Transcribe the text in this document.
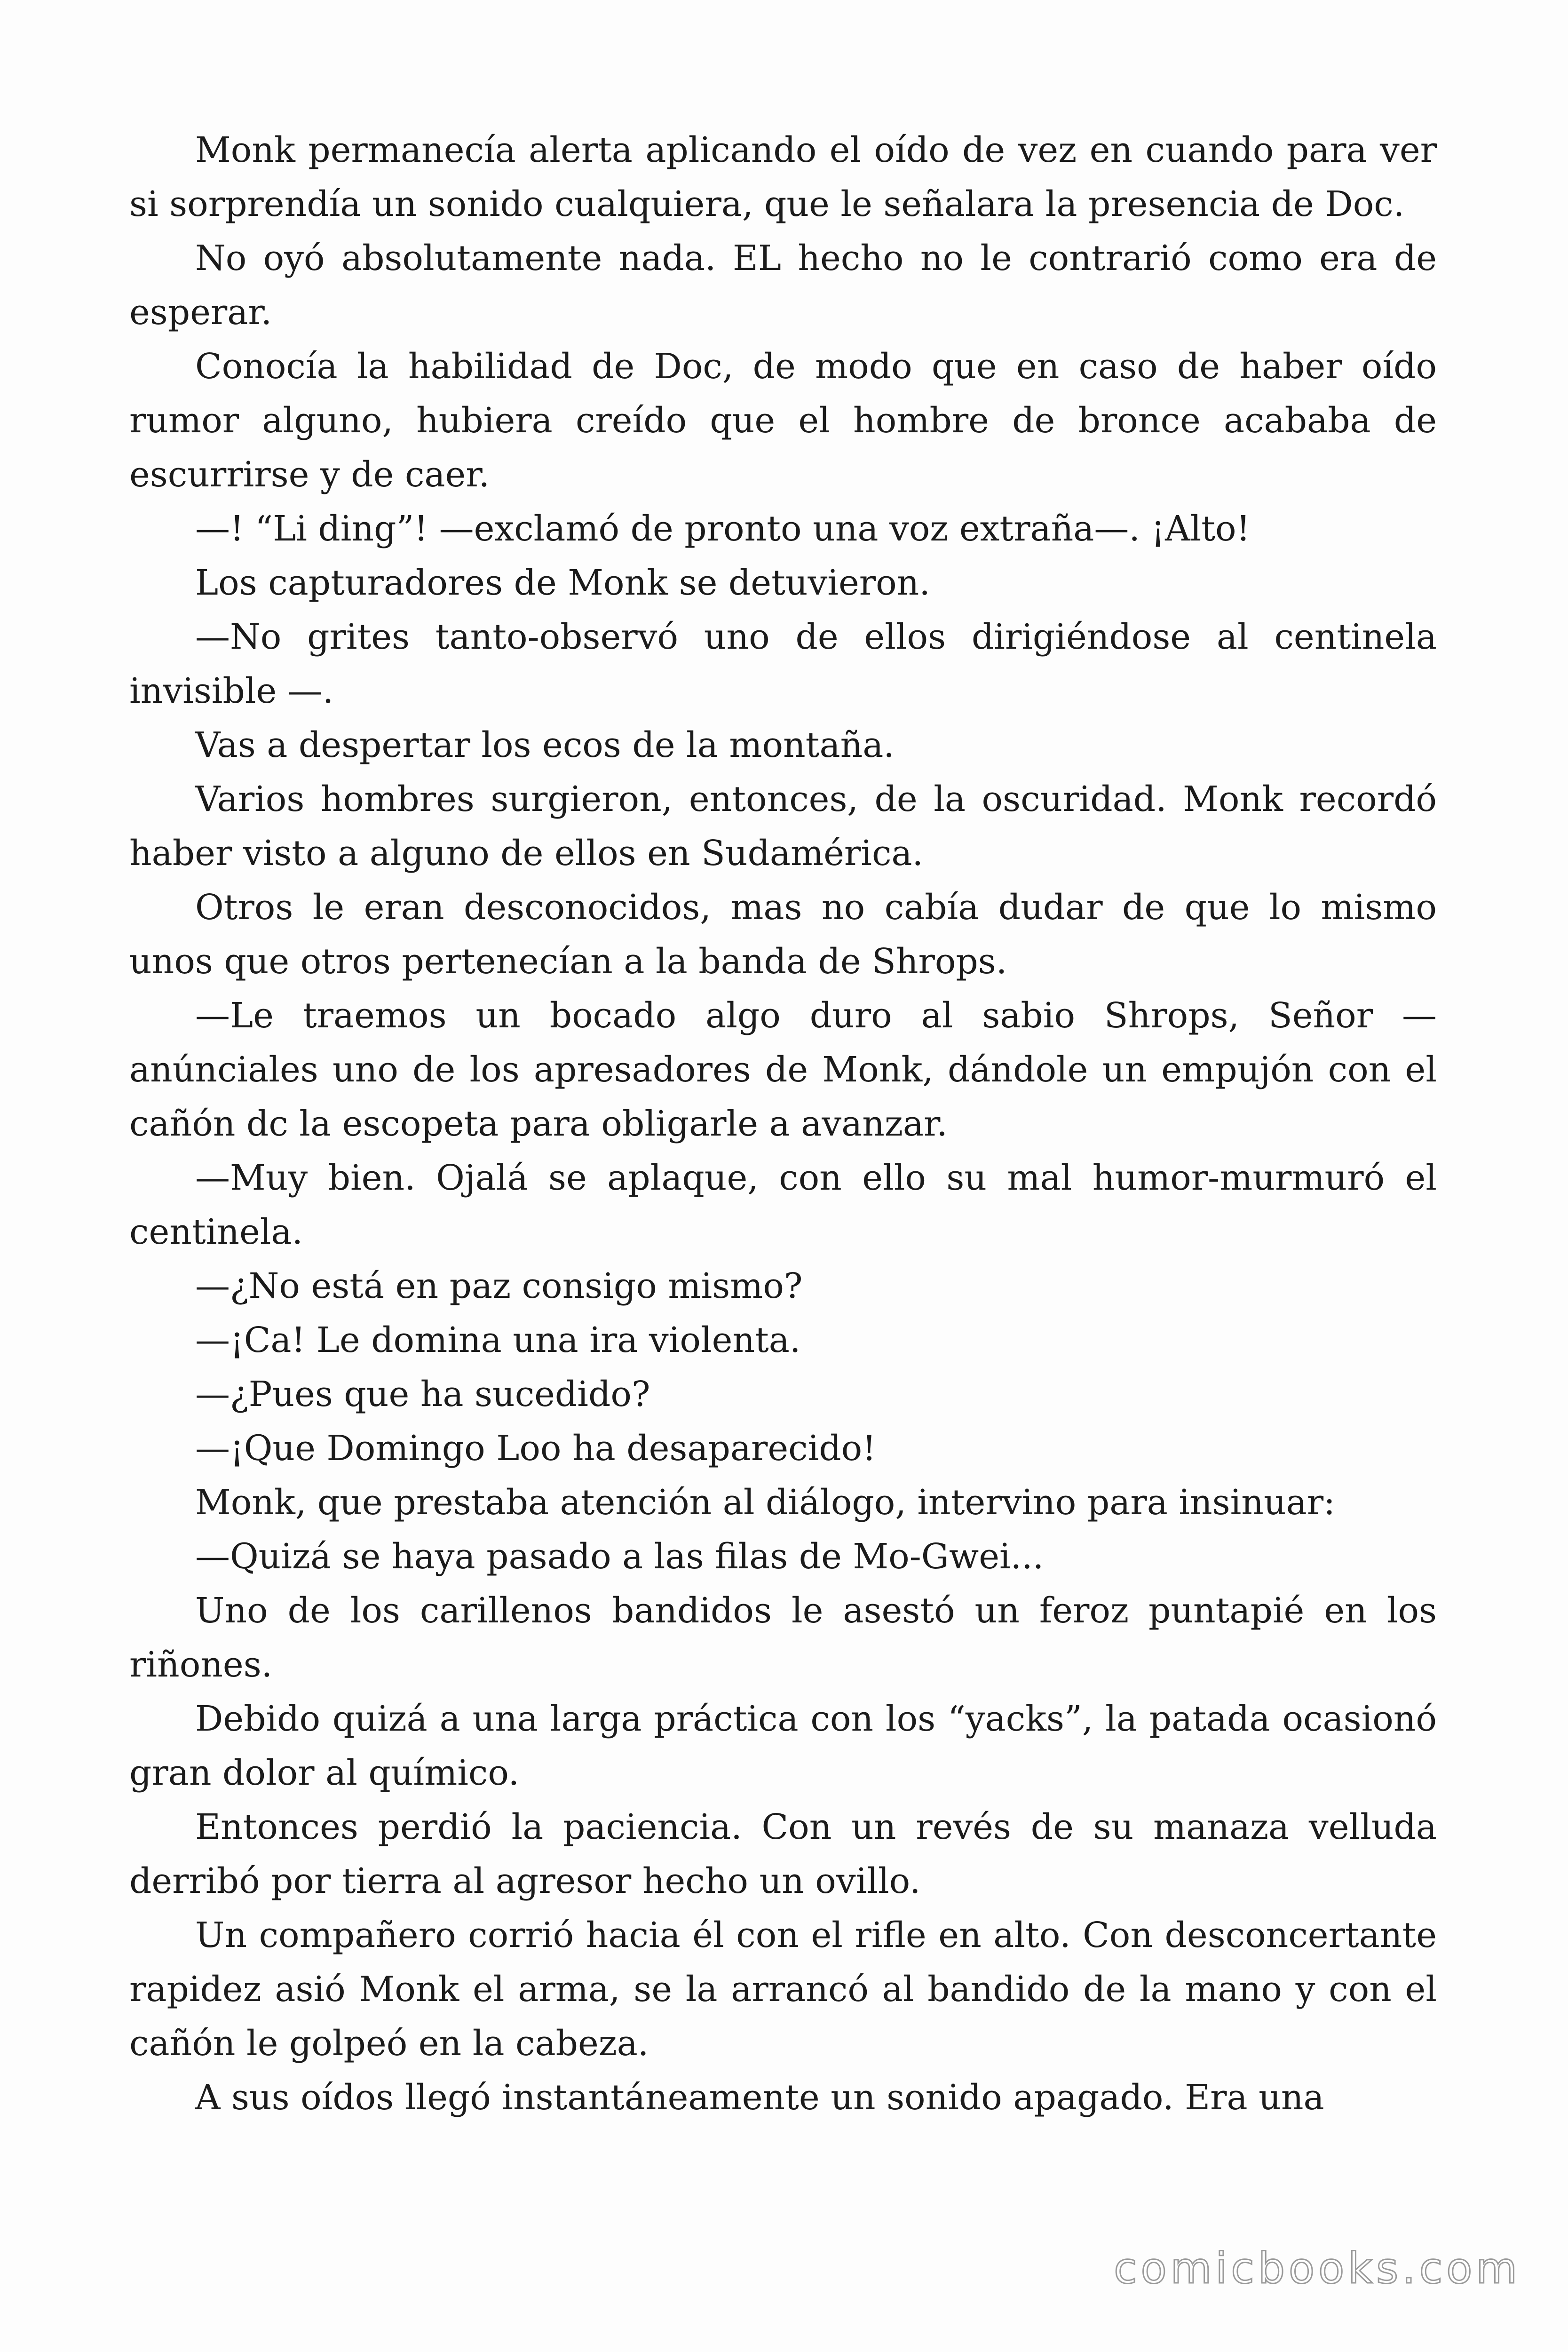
Monk permanecía alerta aplicando el oído de vez en cuando para ver si sorprendía un sonido cualquiera, que le señalara la presencia de Doc.

No oyó absolutamente nada. EL hecho no le contrarió como era de esperar.

Conocía la habilidad de Doc, de modo que en caso de haber oído rumor alguno, hubiera creído que el hombre de bronce acababa de escurrirse y de caer.

—! “Li ding”! —exclamó de pronto una voz extraña—. ¡Alto!

Los capturadores de Monk se detuvieron.

—No grites tanto-observó uno de ellos dirigiéndose al centinela invisible —.

Vas a despertar los ecos de la montaña.

Varios hombres surgieron, entonces, de la oscuridad. Monk recordó haber visto a alguno de ellos en Sudamérica.

Otros le eran desconocidos, mas no cabía dudar de que lo mismo unos que otros pertenecían a la banda de Shrops.

—Le traemos un bocado algo duro al sabio Shrops, Señor —anúnciales uno de los apresadores de Monk, dándole un empujón con el cañón dc la escopeta para obligarle a avanzar.

—Muy bien. Ojalá se aplaque, con ello su mal humor-murmuró el centinela.

—¿No está en paz consigo mismo?

—¡Ca! Le domina una ira violenta.

—¿Pues que ha sucedido?

—¡Que Domingo Loo ha desaparecido!

Monk, que prestaba atención al diálogo, intervino para insinuar:

—Quizá se haya pasado a las filas de Mo-Gwei...

Uno de los carillenos bandidos le asestó un feroz puntapié en los riñones.

Debido quizá a una larga práctica con los “yacks”, la patada ocasionó gran dolor al químico.

Entonces perdió la paciencia. Con un revés de su manaza velluda derribó por tierra al agresor hecho un ovillo.

Un compañero corrió hacia él con el rifle en alto. Con desconcertante rapidez asió Monk el arma, se la arrancó al bandido de la mano y con el cañón le golpeó en la cabeza.

A sus oídos llegó instantáneamente un sonido apagado. Era una

comicbooks.com
